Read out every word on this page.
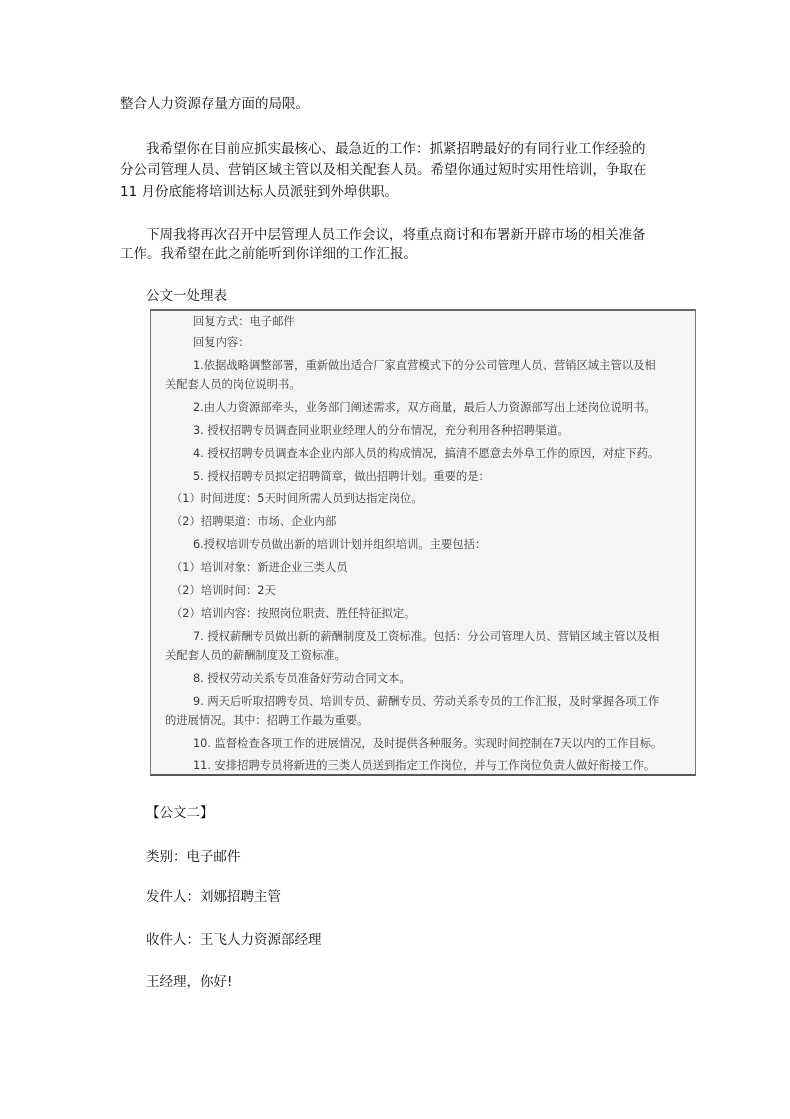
整合人力资源存量方面的局限。
我希望你在目前应抓实最核心、最急近的工作：抓紧招聘最好的有同行业工作经验的
分公司管理人员、营销区域主管以及相关配套人员。希望你通过短时实用性培训，争取在
11 月份底能将培训达标人员派驻到外埠供职。
下周我将再次召开中层管理人员工作会议，将重点商讨和布署新开辟市场的相关准备
工作。我希望在此之前能听到你详细的工作汇报。
公文一处理表
回复方式：电子邮件
回复内容：
1.依据战略调整部署，重新做出适合厂家直营模式下的分公司管理人员、营销区域主管以及相
关配套人员的岗位说明书。
2.由人力资源部牵头，业务部门阐述需求，双方商量，最后人力资源部写出上述岗位说明书。
3. 授权招聘专员调查同业职业经理人的分布情况，充分利用各种招聘渠道。
4. 授权招聘专员调查本企业内部人员的构成情况，搞清不愿意去外阜工作的原因，对症下药。
5. 授权招聘专员拟定招聘简章，做出招聘计划。重要的是：
（1）时间进度：5天时间所需人员到达指定岗位。
（2）招聘渠道：市场、企业内部
6.授权培训专员做出新的培训计划并组织培训。主要包括：
（1）培训对象：新进企业三类人员
（2）培训时间：2天
（2）培训内容：按照岗位职责、胜任特征拟定。
7. 授权薪酬专员做出新的薪酬制度及工资标准。包括：分公司管理人员、营销区域主管以及相
关配套人员的薪酬制度及工资标准。
8. 授权劳动关系专员准备好劳动合同文本。
9. 两天后听取招聘专员、培训专员、薪酬专员、劳动关系专员的工作汇报，及时掌握各项工作
的进展情况。其中：招聘工作最为重要。
10. 监督检查各项工作的进展情况，及时提供各种服务。实现时间控制在7天以内的工作目标。
11. 安排招聘专员将新进的三类人员送到指定工作岗位，并与工作岗位负责人做好衔接工作。
【公文二】
类别：电子邮件
发件人：刘娜招聘主管
收件人：王飞人力资源部经理
王经理，你好!
